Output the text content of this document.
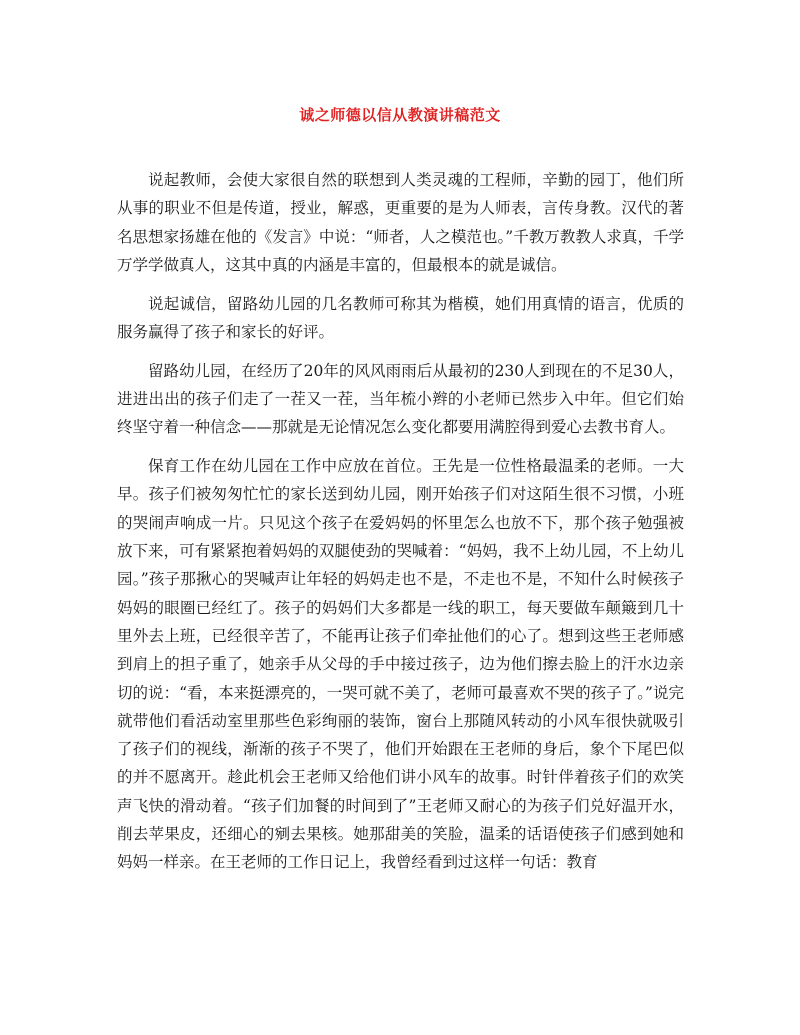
诚之师德以信从教演讲稿范文

说起教师，会使大家很自然的联想到人类灵魂的工程师，辛勤的园丁，他们所从事的职业不但是传道，授业，解惑，更重要的是为人师表，言传身教。汉代的著名思想家扬雄在他的《发言》中说：“师者，人之模范也。”千教万教教人求真，千学万学学做真人，这其中真的内涵是丰富的，但最根本的就是诚信。

说起诚信，留路幼儿园的几名教师可称其为楷模，她们用真情的语言，优质的服务赢得了孩子和家长的好评。

留路幼儿园，在经历了20年的风风雨雨后从最初的230人到现在的不足30人，进进出出的孩子们走了一茬又一茬，当年梳小辫的小老师已然步入中年。但它们始终坚守着一种信念——那就是无论情况怎么变化都要用满腔得到爱心去教书育人。

保育工作在幼儿园在工作中应放在首位。王先是一位性格最温柔的老师。一大早。孩子们被匆匆忙忙的家长送到幼儿园，刚开始孩子们对这陌生很不习惯，小班的哭闹声响成一片。只见这个孩子在爱妈妈的怀里怎么也放不下，那个孩子勉强被放下来，可有紧紧抱着妈妈的双腿使劲的哭喊着：“妈妈，我不上幼儿园，不上幼儿园。”孩子那揪心的哭喊声让年轻的妈妈走也不是，不走也不是，不知什么时候孩子妈妈的眼圈已经红了。孩子的妈妈们大多都是一线的职工，每天要做车颠簸到几十里外去上班，已经很辛苦了，不能再让孩子们牵扯他们的心了。想到这些王老师感到肩上的担子重了，她亲手从父母的手中接过孩子，边为他们擦去脸上的汗水边亲切的说：“看，本来挺漂亮的，一哭可就不美了，老师可最喜欢不哭的孩子了。”说完就带他们看活动室里那些色彩绚丽的装饰，窗台上那随风转动的小风车很快就吸引了孩子们的视线，渐渐的孩子不哭了，他们开始跟在王老师的身后，象个下尾巴似的并不愿离开。趁此机会王老师又给他们讲小风车的故事。时针伴着孩子们的欢笑声飞快的滑动着。“孩子们加餐的时间到了”王老师又耐心的为孩子们兑好温开水，削去苹果皮，还细心的剜去果核。她那甜美的笑脸，温柔的话语使孩子们感到她和妈妈一样亲。在王老师的工作日记上，我曾经看到过这样一句话：教育
